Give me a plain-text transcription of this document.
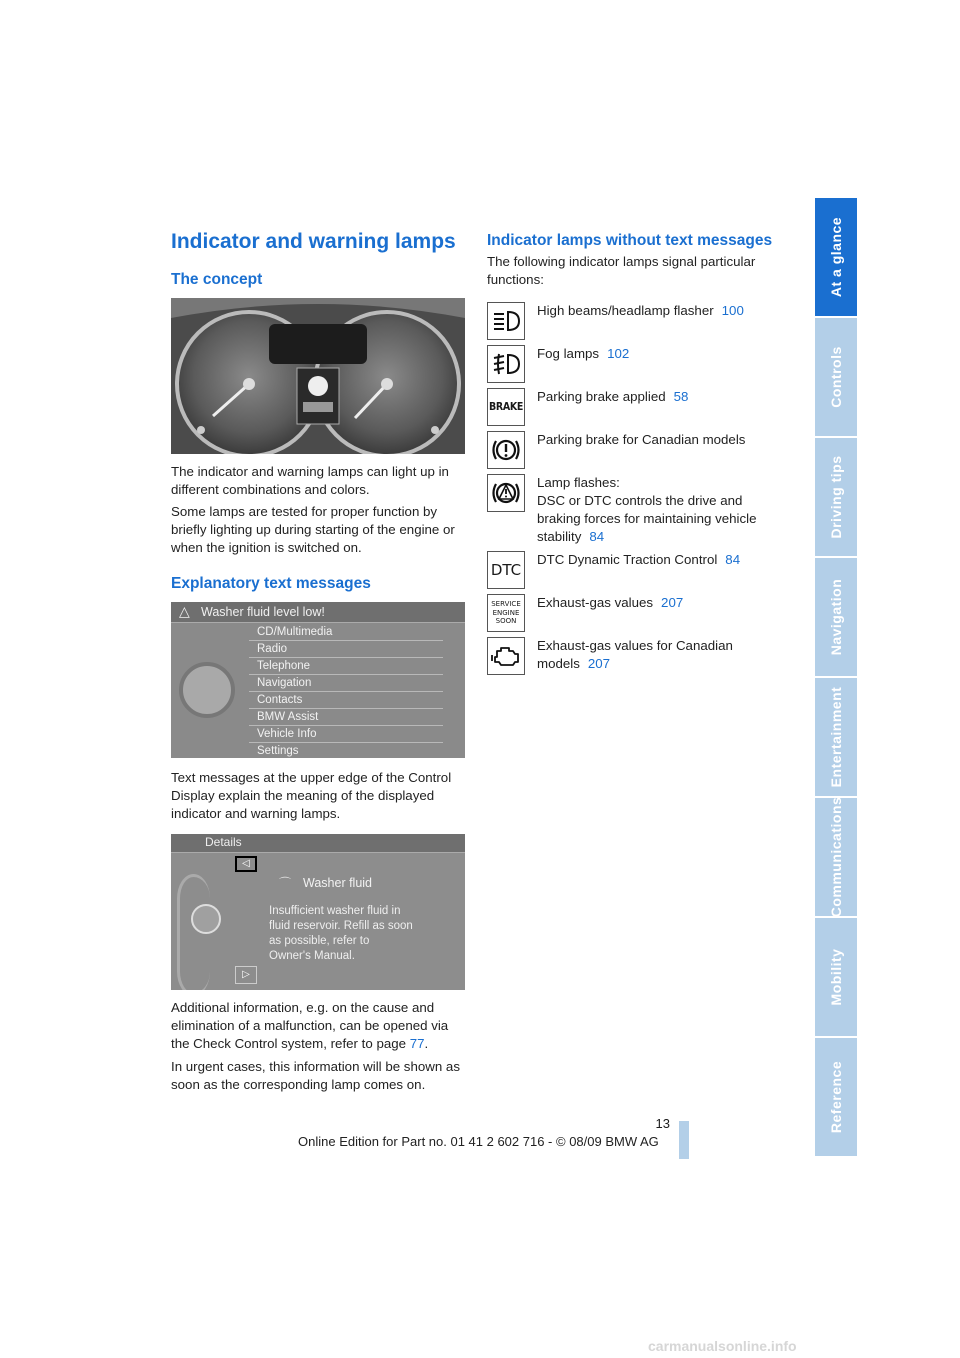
At a glance
Controls
Driving tips
Navigation
Entertainment
Communications
Mobility
Reference
Indicator and warning lamps
The concept

The indicator and warning lamps can light up in different combinations and colors.

Some lamps are tested for proper function by briefly lighting up during starting of the engine or when the ignition is switched on.

Explanatory text messages
△ Washer fluid level low!
CD/Multimedia
Radio
Telephone
Navigation
Contacts
BMW Assist
Vehicle Info
Settings

Text messages at the upper edge of the Control Display explain the meaning of the displayed indicator and warning lamps.

Details
◁
▷
⌒ Washer fluid
Insufficient washer fluid in
fluid reservoir. Refill as soon
as possible, refer to
Owner's Manual.

Additional information, e.g. on the cause and elimination of a malfunction, can be opened via the Check Control system, refer to page 77.

In urgent cases, this information will be shown as soon as the corresponding lamp comes on.

Indicator lamps without text messages

The following indicator lamps signal particular functions:

High beams/headlamp flasher 100
Fog lamps 102
BRAKE
Parking brake applied 58
Parking brake for Canadian models
Lamp flashes:
DSC or DTC controls the drive and
braking forces for maintaining vehicle
stability 84
DTC
DTC Dynamic Traction Control 84
SERVICE
ENGINE
SOON
Exhaust-gas values 207
Exhaust-gas values for Canadian
models 207
13
Online Edition for Part no. 01 41 2 602 716 - © 08/09 BMW AG
carmanualsonline.info
